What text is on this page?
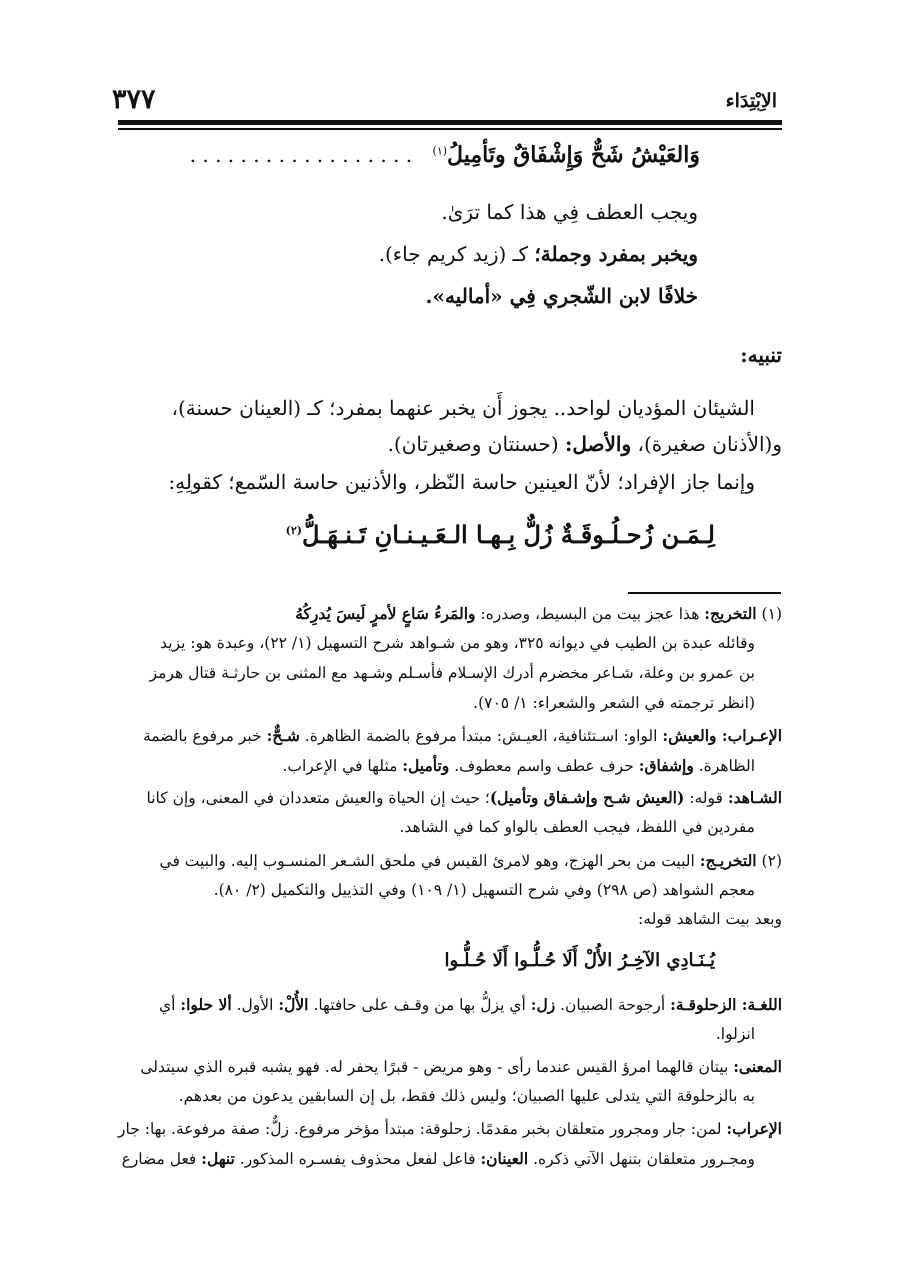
الاِبْتِدَاء
٣٧٧
وَالعَيْشُ شَحٌّ وَإِشْفَاقٌ وتَأمِيلُ$^{(١)}$ . . . . . . . . . . . . . . . . . .
ويجب العطف فِي هذا كما ترَىٰ.
ويخبر بمفرد وجملة؛ كـ (زيد كريم جاء).
خلافًا لابن الشّجري فِي «أماليه».
تنبيه:
الشيئان المؤديان لواحد.. يجوز أَن يخبر عنهما بمفرد؛ كـ (العينان حسنة)،
و(الأذنان صغيرة)، والأصل: (حسنتان وصغيرتان).
وإنما جاز الإفراد؛ لأنّ العينين حاسة النّظر، والأذنين حاسة السّمع؛ كقولِهِ:
لِـمَـن زُحـلُـوقَـةٌ زُلٌّ بِـهـا الـعَـيـنـانِ تَـنـهَـلُّ$^{(٢)}$
(١) التخريج: هذا عجز بيت من البسيط، وصدره: والمَرءُ سَاعٍ لأمرٍ لَيسَ يُدرِكُهُ
وقائله عبدة بن الطيب في ديوانه ٣٢٥، وهو من شـواهد شرح التسهيل (١/ ٢٢)، وعبدة هو: يزيد
بن عمرو بن وعلة، شـاعر مخضرم أدرك الإسـلام فأسـلم وشـهد مع المثنى بن حارثـة قتال هرمز
(انظر ترجمته في الشعر والشعراء: ١/ ٧٠٥).
الإعـراب: والعيش: الواو: اسـتئنافية، العيـش: مبتدأ مرفوع بالضمة الظاهرة. شـحٌّ: خبر مرفوع بالضمة
الظاهرة. وإشفاق: حرف عطف واسم معطوف. وتأميل: مثلها في الإعراب.
الشـاهد: قوله: (العيش شـح وإشـفاق وتأميل)؛ حيث إن الحياة والعيش متعددان في المعنى، وإن كانا
مفردين في اللفظ، فيجب العطف بالواو كما في الشاهد.
(٢) التخريـج: البيت من بحر الهزج، وهو لامرئ القيس في ملحق الشـعر المنسـوب إليه. والبيت في
معجم الشواهد (ص ٢٩٨) وفي شرح التسهيل (١/ ١٠٩) وفي التذييل والتكميل (٢/ ٨٠).
وبعد بيت الشاهد قوله:
يُـنَـادِي الآخِـرُ الأُلْ أَلَا حُـلُّـوا أَلَا حُـلُّـوا
اللغـة: الزحلوقـة: أرجوحة الصبيان. زل: أي يزلُّ بها من وقـف على حافتها. الأُلْ: الأول. ألا حلوا: أي
انزلوا.
المعنى: بيتان قالهما امرؤ القيس عندما رأى - وهو مريض - قبرًا يحفر له. فهو يشبه قبره الذي سيتدلى
به بالزحلوقة التي يتدلى عليها الصبيان؛ وليس ذلك فقط، بل إن السابقين يدعون من بعدهم.
الإعراب: لمن: جار ومجرور متعلقان بخبر مقدمًا. زحلوقة: مبتدأ مؤخر مرفوع. زلٌّ: صفة مرفوعة. بها: جار
ومجـرور متعلقان بتنهل الآتي ذكره. العينان: فاعل لفعل محذوف يفسـره المذكور. تنهل: فعل مضارع
